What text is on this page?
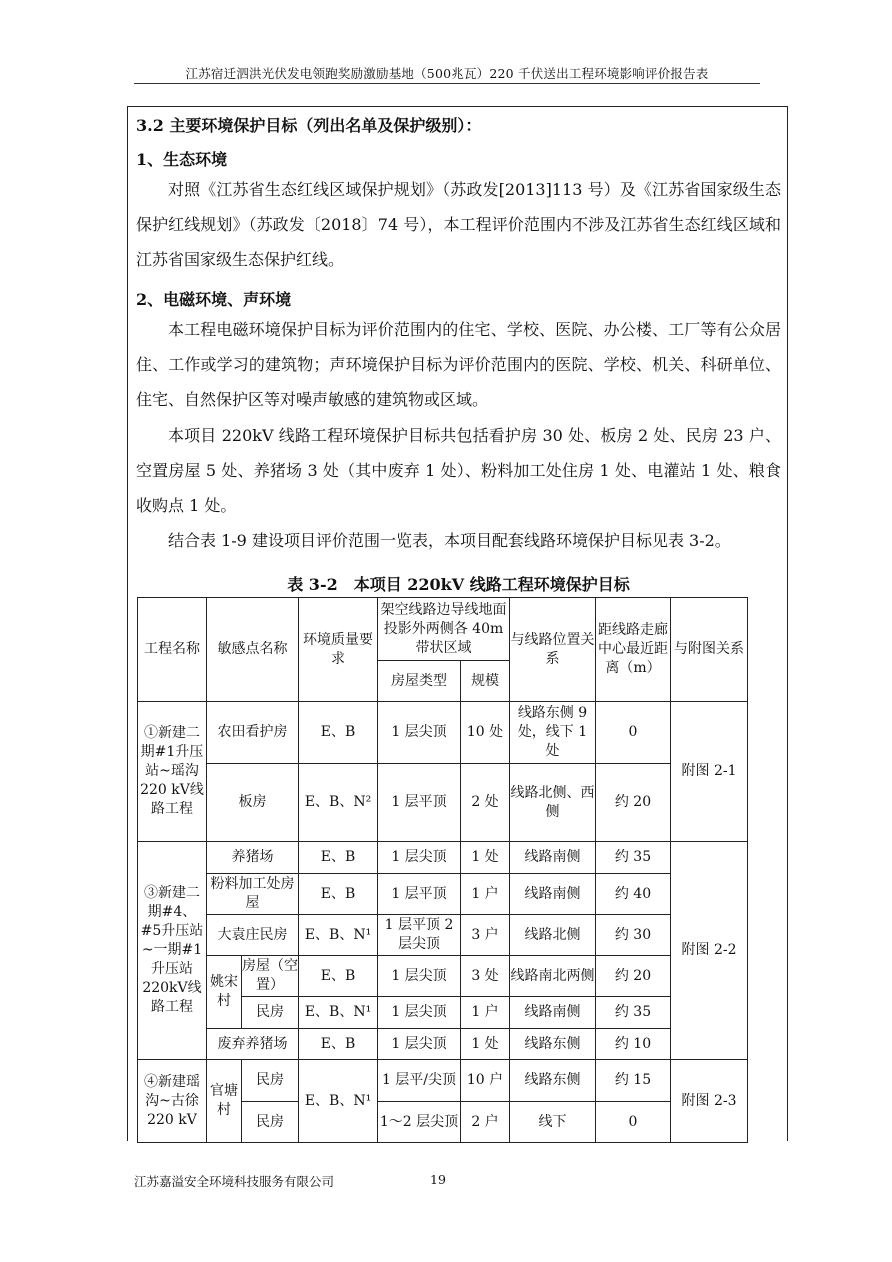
江苏宿迁泗洪光伏发电领跑奖励激励基地（500兆瓦）220 千伏送出工程环境影响评价报告表
3.2 主要环境保护目标（列出名单及保护级别）：
1、生态环境

对照《江苏省生态红线区域保护规划》（苏政发[2013]113 号）及《江苏省国家级生态保护红线规划》（苏政发〔2018〕74 号），本工程评价范围内不涉及江苏省生态红线区域和江苏省国家级生态保护红线。

2、电磁环境、声环境

本工程电磁环境保护目标为评价范围内的住宅、学校、医院、办公楼、工厂等有公众居住、工作或学习的建筑物；声环境保护目标为评价范围内的医院、学校、机关、科研单位、住宅、自然保护区等对噪声敏感的建筑物或区域。

本项目 220kV 线路工程环境保护目标共包括看护房 30 处、板房 2 处、民房 23 户、空置房屋 5 处、养猪场 3 处（其中废弃 1 处）、粉料加工处住房 1 处、电灌站 1 处、粮食收购点 1 处。

结合表 1-9 建设项目评价范围一览表，本项目配套线路环境保护目标见表 3-2。

表 3-2　本项目 220kV 线路工程环境保护目标
工程名称	敏感点名称		环境质量要求	架空线路边导线地面投影外两侧各 40m 带状区域		与线路位置关系	距线路走廊中心最近距离（m）	与附图关系
				房屋类型	规模			
①新建二期#1升压站~瑶沟220 kV线路工程	农田看护房		E、B	1 层尖顶	10 处	线路东侧 9 处，线下 1 处	0	附图 2-1
	板房		E、B、N²	1 层平顶	2 处	线路北侧、西侧	约 20	
③新建二期#4、#5升压站~一期#1 升压站220kV线路工程	养猪场		E、B	1 层尖顶	1 处	线路南侧	约 35	附图 2-2
	粉料加工处房屋		E、B	1 层平顶	1 户	线路南侧	约 40	
	大袁庄民房		E、B、N¹	1 层平顶 2 层尖顶	3 户	线路北侧	约 30	
	姚宋村	房屋（空置）	E、B	1 层尖顶	3 处	线路南北两侧	约 20	
		民房	E、B、N¹	1 层尖顶	1 户	线路南侧	约 35	
	废弃养猪场		E、B	1 层尖顶	1 处	线路东侧	约 10	
④新建瑶沟~古徐220 kV	官塘村	民房	E、B、N¹	1 层平/尖顶	10 户	线路东侧	约 15	附图 2-3
		民房		1～2 层尖顶	2 户	线下	0	
江苏嘉溢安全环境科技服务有限公司	19
